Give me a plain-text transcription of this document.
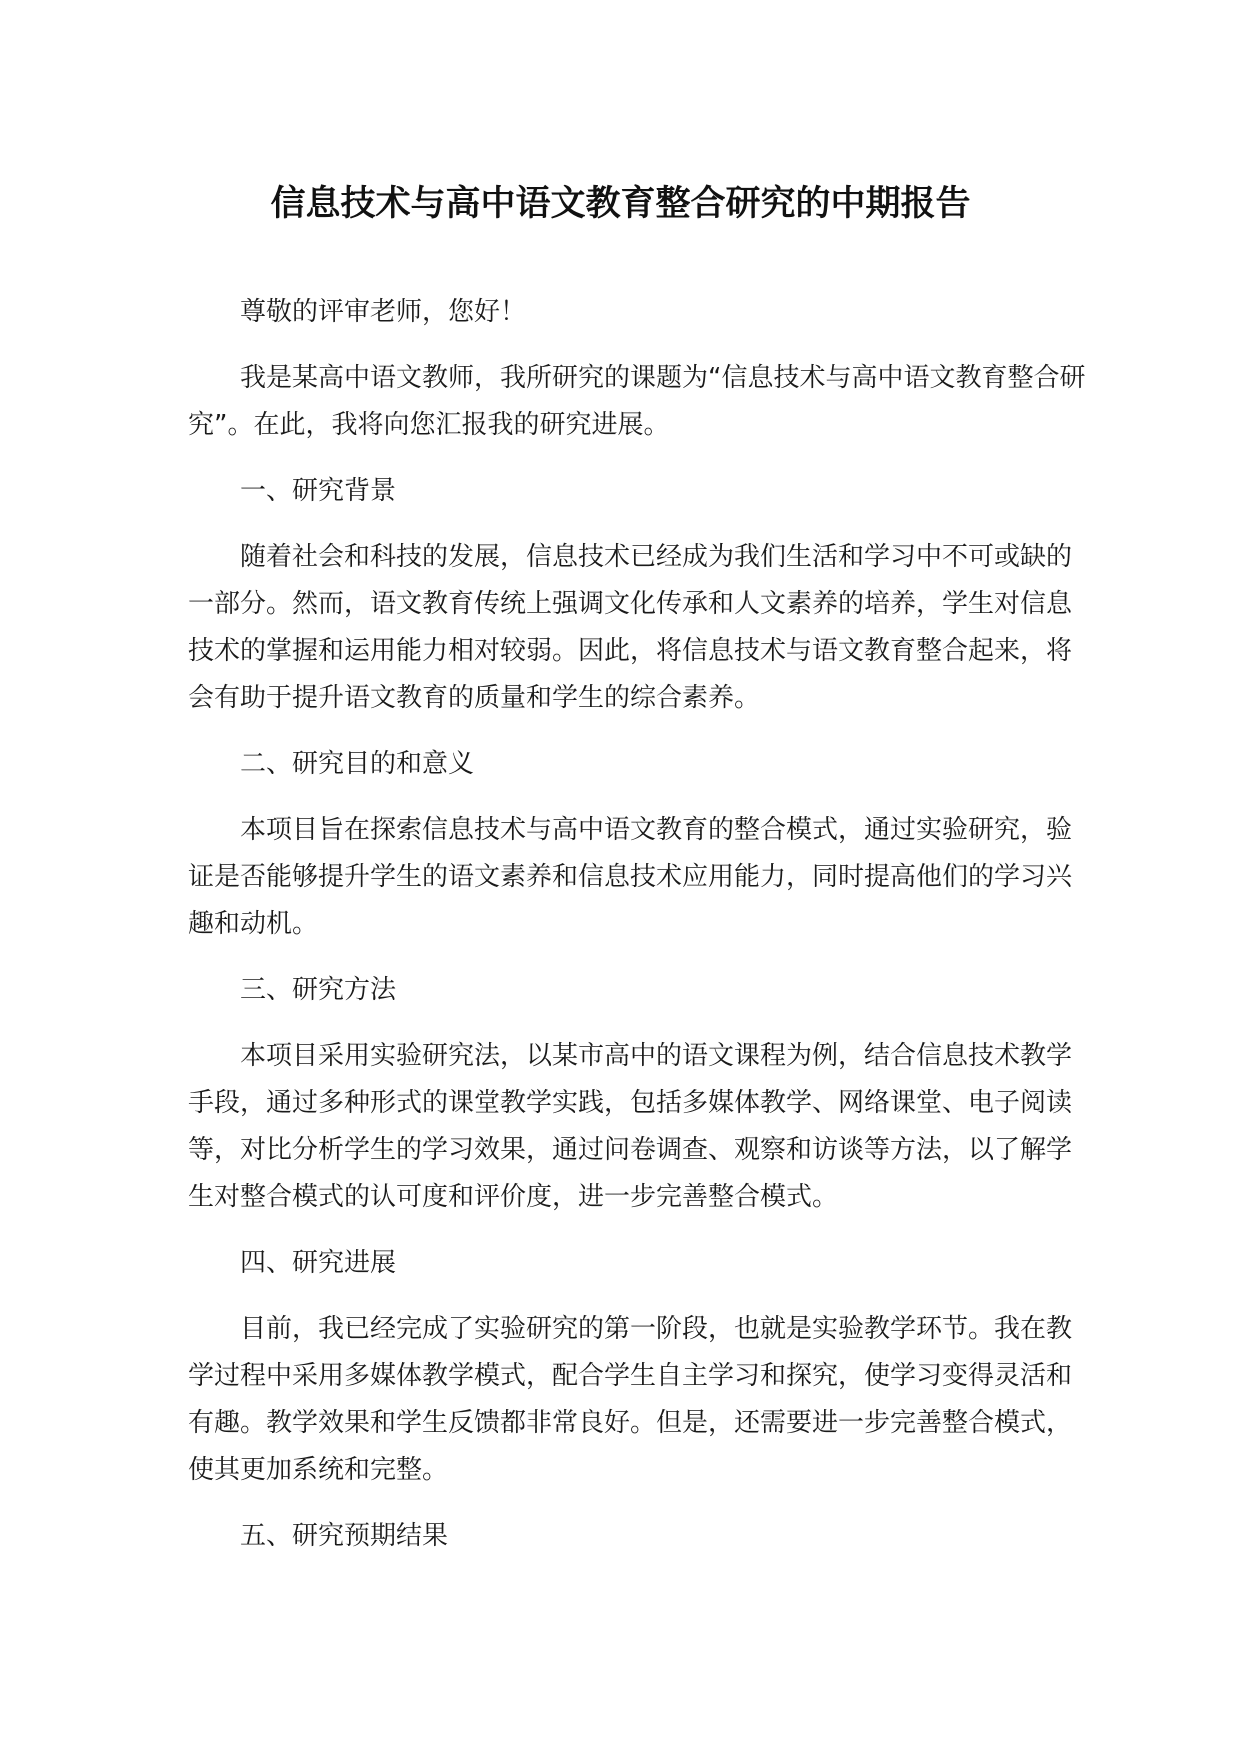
信息技术与高中语文教育整合研究的中期报告

尊敬的评审老师，您好！

我是某高中语文教师，我所研究的课题为“信息技术与高中语文教育整合研究”。在此，我将向您汇报我的研究进展。

一、研究背景

随着社会和科技的发展，信息技术已经成为我们生活和学习中不可或缺的一部分。然而，语文教育传统上强调文化传承和人文素养的培养，学生对信息技术的掌握和运用能力相对较弱。因此，将信息技术与语文教育整合起来，将会有助于提升语文教育的质量和学生的综合素养。

二、研究目的和意义

本项目旨在探索信息技术与高中语文教育的整合模式，通过实验研究，验证是否能够提升学生的语文素养和信息技术应用能力，同时提高他们的学习兴趣和动机。

三、研究方法

本项目采用实验研究法，以某市高中的语文课程为例，结合信息技术教学手段，通过多种形式的课堂教学实践，包括多媒体教学、网络课堂、电子阅读等，对比分析学生的学习效果，通过问卷调查、观察和访谈等方法，以了解学生对整合模式的认可度和评价度，进一步完善整合模式。

四、研究进展

目前，我已经完成了实验研究的第一阶段，也就是实验教学环节。我在教学过程中采用多媒体教学模式，配合学生自主学习和探究，使学习变得灵活和有趣。教学效果和学生反馈都非常良好。但是，还需要进一步完善整合模式，使其更加系统和完整。

五、研究预期结果
